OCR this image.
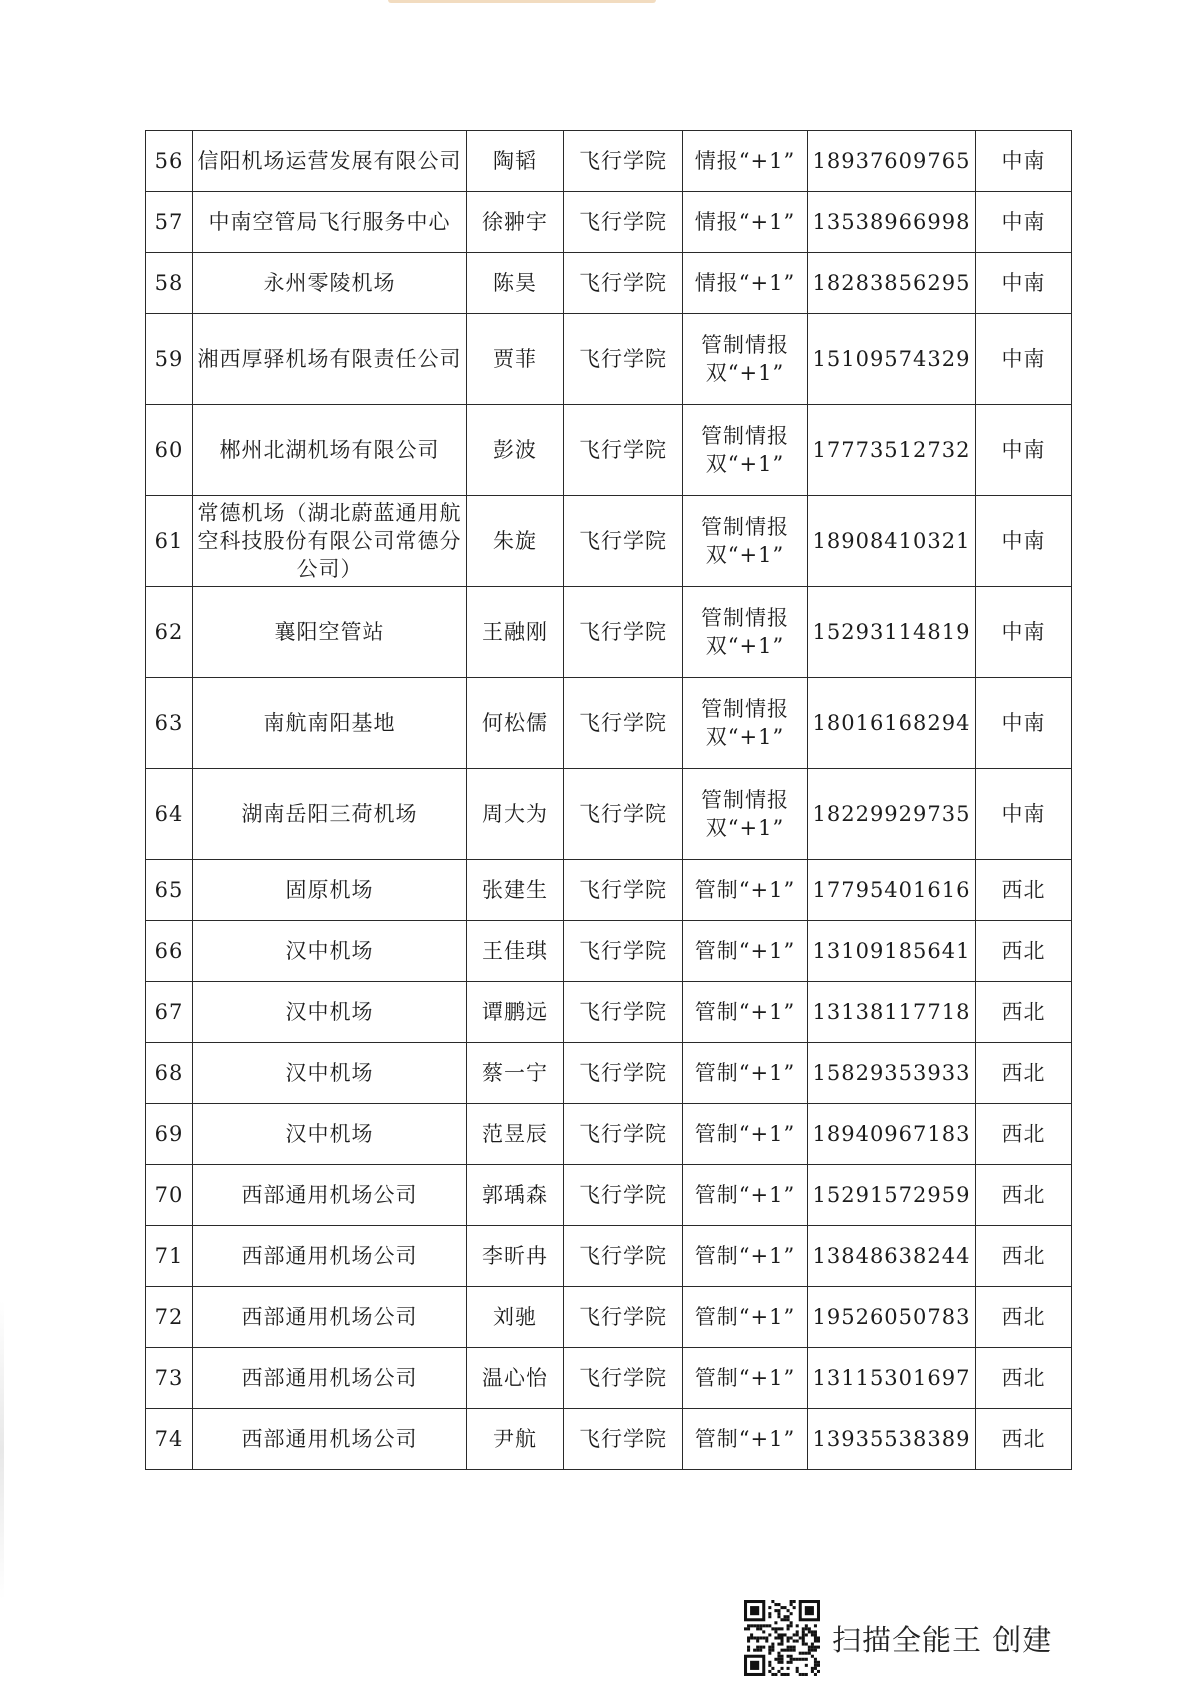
56	信阳机场运营发展有限公司	陶韬	飞行学院	情报“+1”	18937609765	中南
57	中南空管局飞行服务中心	徐翀宇	飞行学院	情报“+1”	13538966998	中南
58	永州零陵机场	陈昊	飞行学院	情报“+1”	18283856295	中南
59	湘西厚驿机场有限责任公司	贾菲	飞行学院	管制情报双“+1”	15109574329	中南
60	郴州北湖机场有限公司	彭波	飞行学院	管制情报双“+1”	17773512732	中南
61	常德机场（湖北蔚蓝通用航空科技股份有限公司常德分公司）	朱旋	飞行学院	管制情报双“+1”	18908410321	中南
62	襄阳空管站	王融刚	飞行学院	管制情报双“+1”	15293114819	中南
63	南航南阳基地	何松儒	飞行学院	管制情报双“+1”	18016168294	中南
64	湖南岳阳三荷机场	周大为	飞行学院	管制情报双“+1”	18229929735	中南
65	固原机场	张建生	飞行学院	管制“+1”	17795401616	西北
66	汉中机场	王佳琪	飞行学院	管制“+1”	13109185641	西北
67	汉中机场	谭鹏远	飞行学院	管制“+1”	13138117718	西北
68	汉中机场	蔡一宁	飞行学院	管制“+1”	15829353933	西北
69	汉中机场	范昱辰	飞行学院	管制“+1”	18940967183	西北
70	西部通用机场公司	郭瑀森	飞行学院	管制“+1”	15291572959	西北
71	西部通用机场公司	李昕冉	飞行学院	管制“+1”	13848638244	西北
72	西部通用机场公司	刘驰	飞行学院	管制“+1”	19526050783	西北
73	西部通用机场公司	温心怡	飞行学院	管制“+1”	13115301697	西北
74	西部通用机场公司	尹航	飞行学院	管制“+1”	13935538389	西北
扫描全能王 创建
